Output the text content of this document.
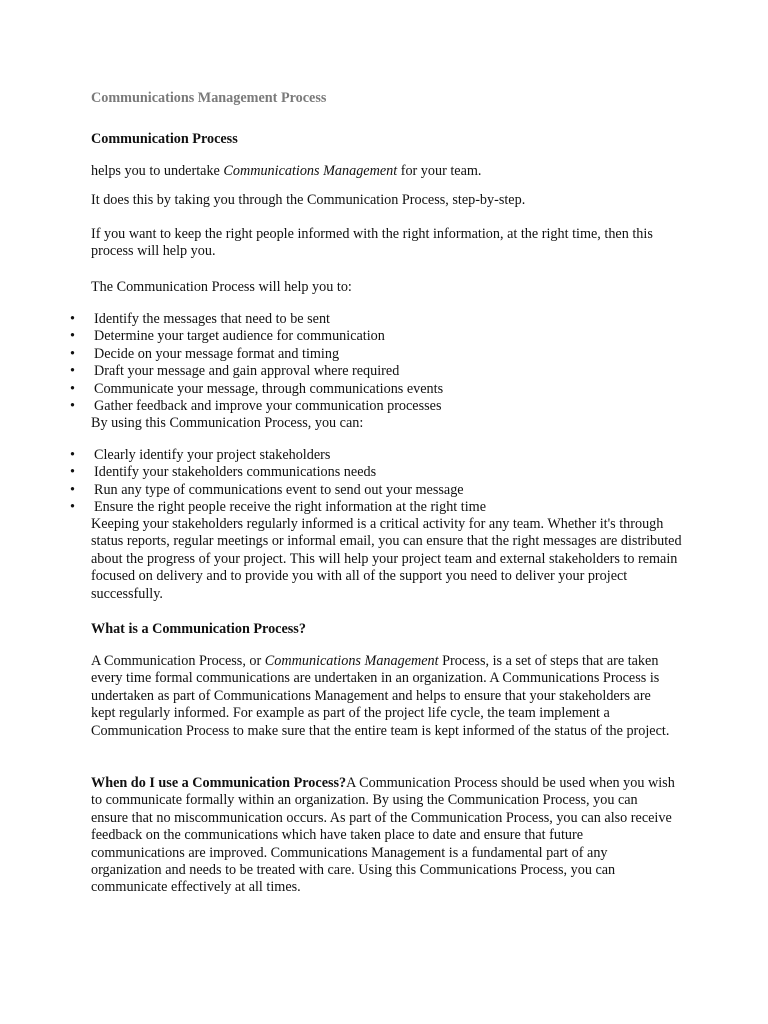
Communications Management Process

Communication Process

helps you to undertake Communications Management for your team.

It does this by taking you through the Communication Process, step-by-step.

If you want to keep the right people informed with the right information, at the right time, then this process will help you.

The Communication Process will help you to:

•	Identify the messages that need to be sent
•	Determine your target audience for communication
•	Decide on your message format and timing
•	Draft your message and gain approval where required
•	Communicate your message, through communications events
•	Gather feedback and improve your communication processes

By using this Communication Process, you can:

•	Clearly identify your project stakeholders
•	Identify your stakeholders communications needs
•	Run any type of communications event to send out your message
•	Ensure the right people receive the right information at the right time

Keeping your stakeholders regularly informed is a critical activity for any team. Whether it's through status reports, regular meetings or informal email, you can ensure that the right messages are distributed about the progress of your project. This will help your project team and external stakeholders to remain focused on delivery and to provide you with all of the support you need to deliver your project successfully.

What is a Communication Process?

A Communication Process, or Communications Management Process, is a set of steps that are taken every time formal communications are undertaken in an organization. A Communications Process is undertaken as part of Communications Management and helps to ensure that your stakeholders are kept regularly informed. For example as part of the project life cycle, the team implement a Communication Process to make sure that the entire team is kept informed of the status of the project.

When do I use a Communication Process?A Communication Process should be used when you wish to communicate formally within an organization. By using the Communication Process, you can ensure that no miscommunication occurs. As part of the Communication Process, you can also receive feedback on the communications which have taken place to date and ensure that future communications are improved. Communications Management is a fundamental part of any organization and needs to be treated with care. Using this Communications Process, you can communicate effectively at all times.
